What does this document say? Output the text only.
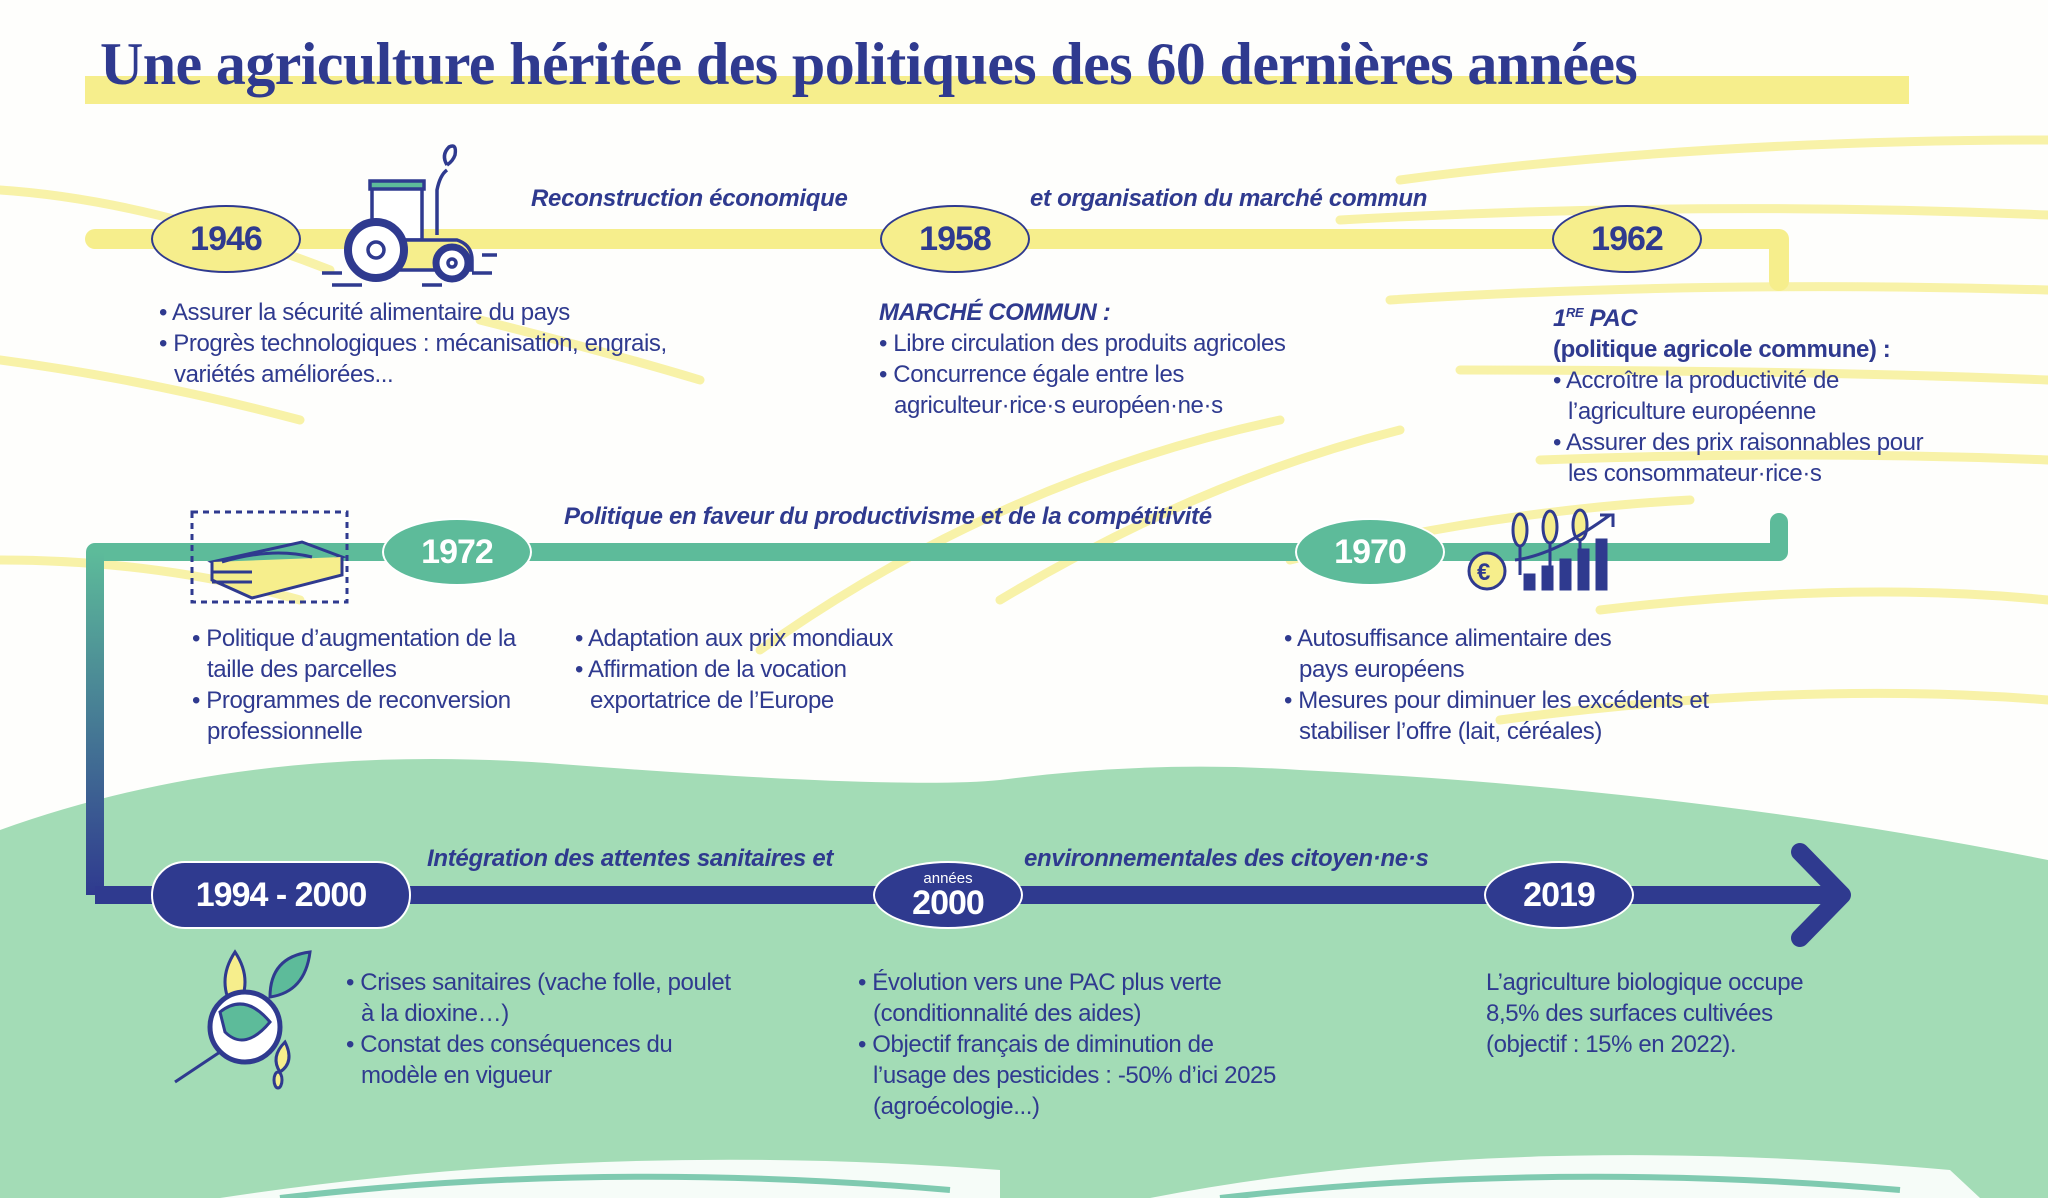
€
Une agriculture héritée des politiques des 60 dernières années
Reconstruction économique	et organisation du marché commun
1946	1958	1962
• Assurer la sécurité alimentaire du pays
• Progrès technologiques : mécanisation, engrais, variétés améliorées...
MARCHÉ COMMUN :
• Libre circulation des produits agricoles
• Concurrence égale entre les agriculteur·rice·s européen·ne·s
1RE PAC
(politique agricole commune) :
• Accroître la productivité de l’agriculture européenne
• Assurer des prix raisonnables pour les consommateur·rice·s
Politique en faveur du productivisme et de la compétitivité
1972	1970
• Politique d’augmentation de la taille des parcelles
• Programmes de reconversion professionnelle
• Adaptation aux prix mondiaux
• Affirmation de la vocation exportatrice de l’Europe
• Autosuffisance alimentaire des pays européens
• Mesures pour diminuer les excédents et stabiliser l’offre (lait, céréales)
Intégration des attentes sanitaires et	environnementales des citoyen·ne·s
1994 - 2000	années
2000	2019
• Crises sanitaires (vache folle, poulet à la dioxine…)
• Constat des conséquences du modèle en vigueur
• Évolution vers une PAC plus verte (conditionnalité des aides)
• Objectif français de diminution de l’usage des pesticides : -50% d’ici 2025 (agroécologie...)
L’agriculture biologique occupe
8,5% des surfaces cultivées
(objectif : 15% en 2022).
